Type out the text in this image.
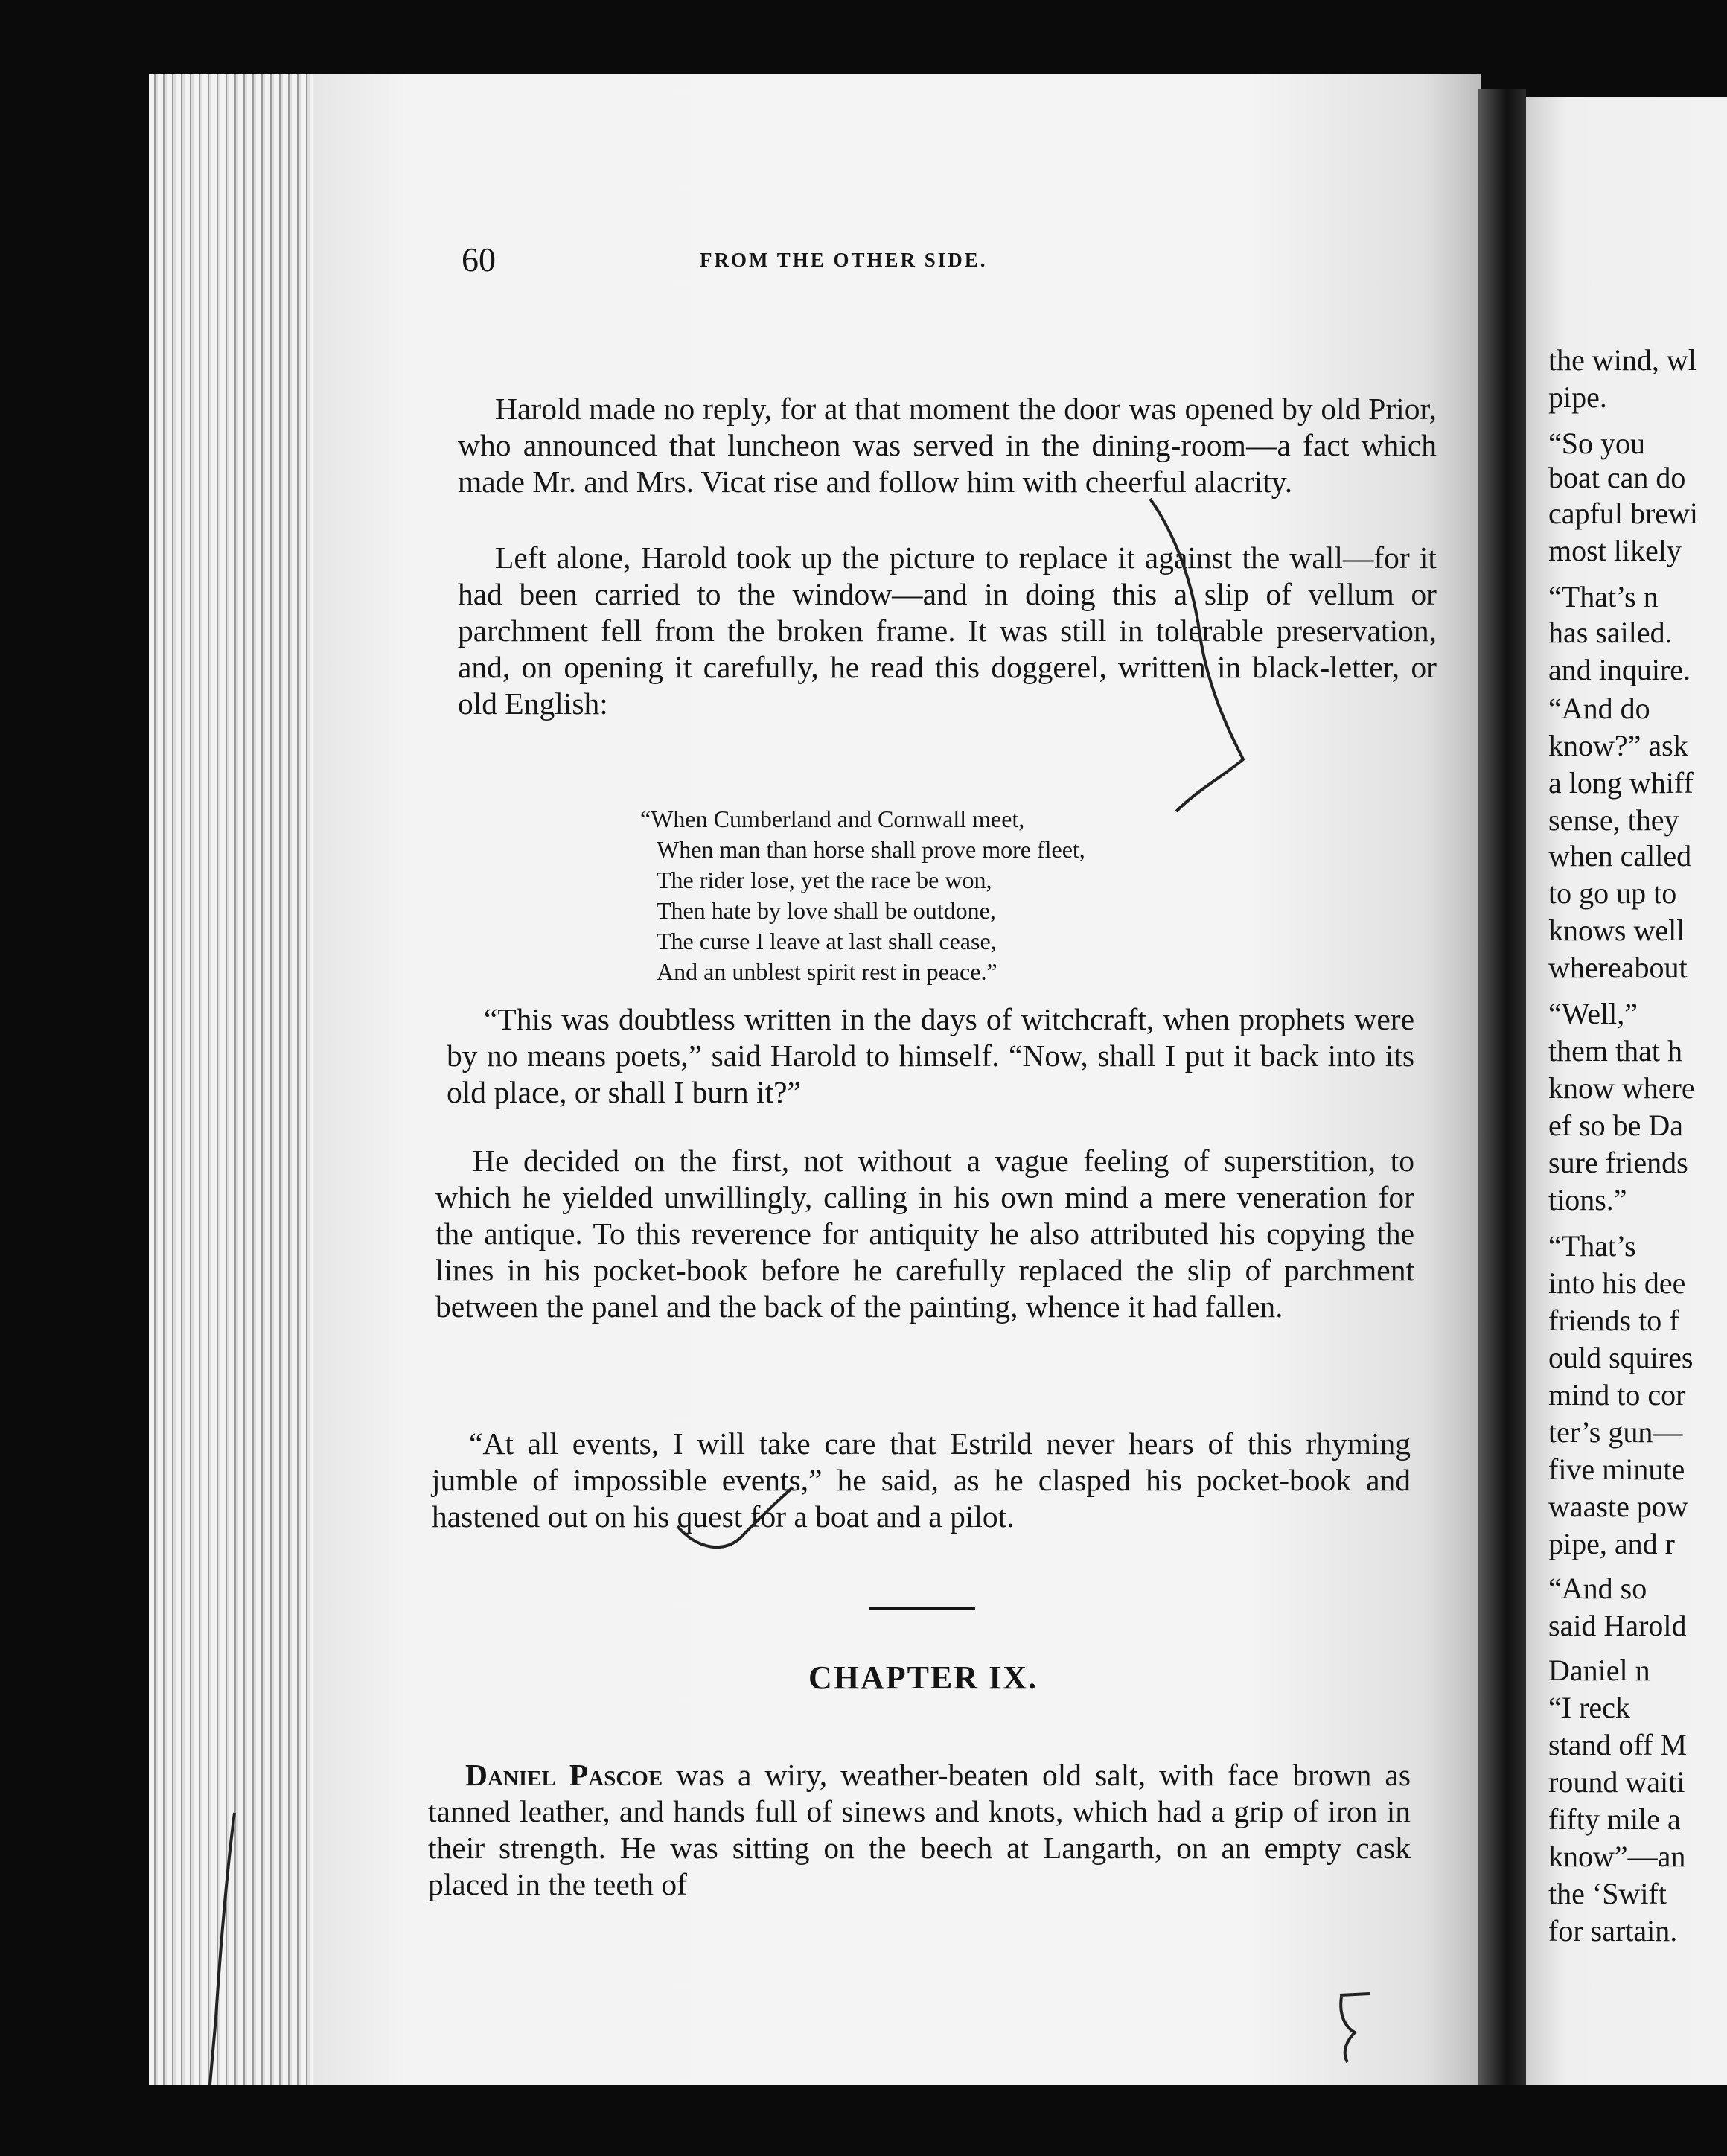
60	FROM THE OTHER SIDE.

Harold made no reply, for at that moment the door was opened by old Prior, who announced that luncheon was served in the dining-room—a fact which made Mr. and Mrs. Vicat rise and follow him with cheerful alacrity.

Left alone, Harold took up the picture to replace it against the wall—for it had been carried to the window—and in doing this a slip of vellum or parchment fell from the broken frame. It was still in tolerable preservation, and, on opening it carefully, he read this doggerel, written in black-letter, or old English:

“When Cumberland and Cornwall meet,
When man than horse shall prove more fleet,
The rider lose, yet the race be won,
Then hate by love shall be outdone,
The curse I leave at last shall cease,
And an unblest spirit rest in peace.”

“This was doubtless written in the days of witchcraft, when prophets were by no means poets,” said Harold to himself. “Now, shall I put it back into its old place, or shall I burn it?”

He decided on the first, not without a vague feeling of superstition, to which he yielded unwillingly, calling in his own mind a mere veneration for the antique. To this reverence for antiquity he also attributed his copying the lines in his pocket-book before he carefully replaced the slip of parchment between the panel and the back of the painting, whence it had fallen.

“At all events, I will take care that Estrild never hears of this rhyming jumble of impossible events,” he said, as he clasped his pocket-book and hastened out on his quest for a boat and a pilot.

CHAPTER IX.

Daniel Pascoe was a wiry, weather-beaten old salt, with face brown as tanned leather, and hands full of sinews and knots, which had a grip of iron in their strength. He was sitting on the beech at Langarth, on an empty cask placed in the teeth of

the wind, wl
pipe.
“So you
boat can do
capful brewi
most likely
“That’s n
has sailed.
and inquire.
“And do
know?” ask
a long whiff
sense, they
when called
to go up to
knows well
whereabout
“Well,”
them that h
know where
ef so be Da
sure friends
tions.”
“That’s
into his dee
friends to f
ould squires
mind to cor
ter’s gun—
five minute
waaste pow
pipe, and r
“And so
said Harold
Daniel n
“I reck
stand off M
round waiti
fifty mile a
know”—an
the ‘Swift
for sartain.
